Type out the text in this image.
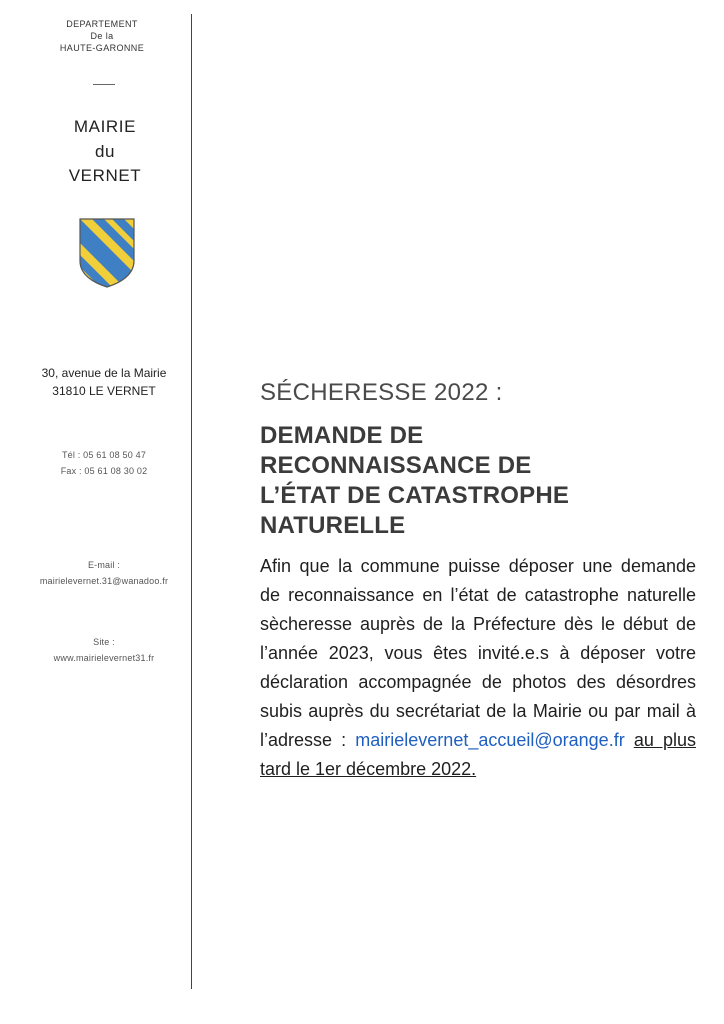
DEPARTEMENT
De la
HAUTE-GARONNE
MAIRIE
du
VERNET
30, avenue de la Mairie
31810 LE VERNET
Tél : 05 61 08 50 47
Fax : 05 61 08 30 02
E-mail :
mairielevernet.31@wanadoo.fr
Site :
www.mairielevernet31.fr
SÉCHERESSE 2022 :
DEMANDE DE
RECONNAISSANCE DE
L’ÉTAT DE CATASTROPHE
NATURELLE
Afin que la commune puisse déposer une demande de reconnaissance en l’état de catastrophe naturelle sècheresse auprès de la Préfecture dès le début de l’année 2023, vous êtes invité.e.s à déposer votre déclaration accompagnée de photos des désordres subis auprès du secrétariat de la Mairie ou par mail à l’adresse : mairielevernet_accueil@orange.fr au plus tard le 1er décembre 2022.
